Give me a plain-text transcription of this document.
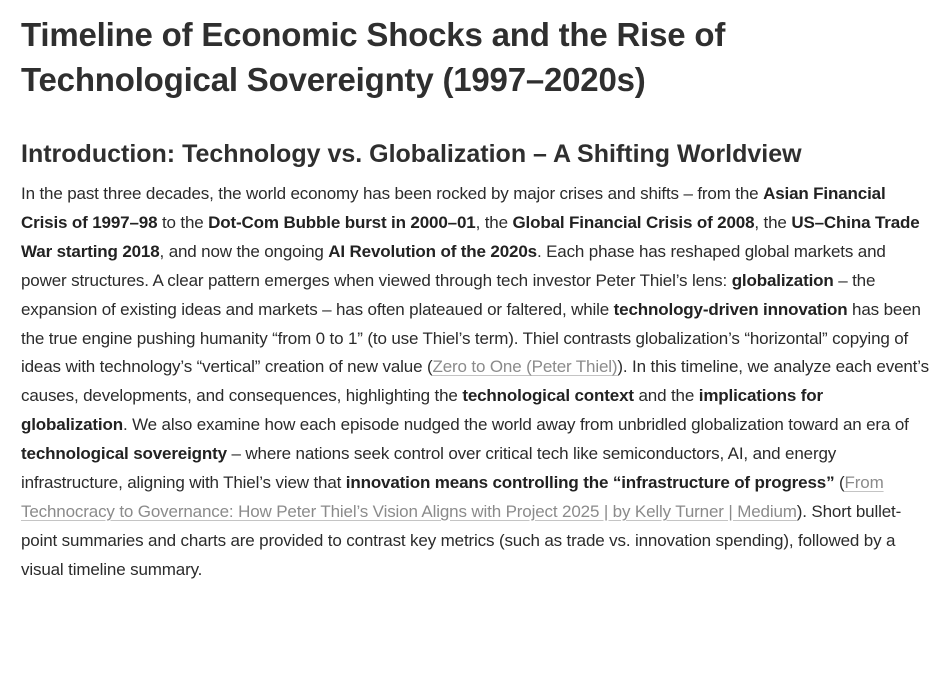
Timeline of Economic Shocks and the Rise of Technological Sovereignty (1997–2020s)
Introduction: Technology vs. Globalization – A Shifting Worldview

In the past three decades, the world economy has been rocked by major crises and shifts – from the Asian Financial Crisis of 1997–98 to the Dot-Com Bubble burst in 2000–01, the Global Financial Crisis of 2008, the US–China Trade War starting 2018, and now the ongoing AI Revolution of the 2020s. Each phase has reshaped global markets and power structures. A clear pattern emerges when viewed through tech investor Peter Thiel’s lens: globalization – the expansion of existing ideas and markets – has often plateaued or faltered, while technology-driven innovation has been the true engine pushing humanity “from 0 to 1” (to use Thiel’s term). Thiel contrasts globalization’s “horizontal” copying of ideas with technology’s “vertical” creation of new value (Zero to One (Peter Thiel)). In this timeline, we analyze each event’s causes, developments, and consequences, highlighting the technological context and the implications for globalization. We also examine how each episode nudged the world away from unbridled globalization toward an era of technological sovereignty – where nations seek control over critical tech like semiconductors, AI, and energy infrastructure, aligning with Thiel’s view that innovation means controlling the “infrastructure of progress” (From Technocracy to Governance: How Peter Thiel’s Vision Aligns with Project 2025 | by Kelly Turner | Medium). Short bullet-point summaries and charts are provided to contrast key metrics (such as trade vs. innovation spending), followed by a visual timeline summary.
